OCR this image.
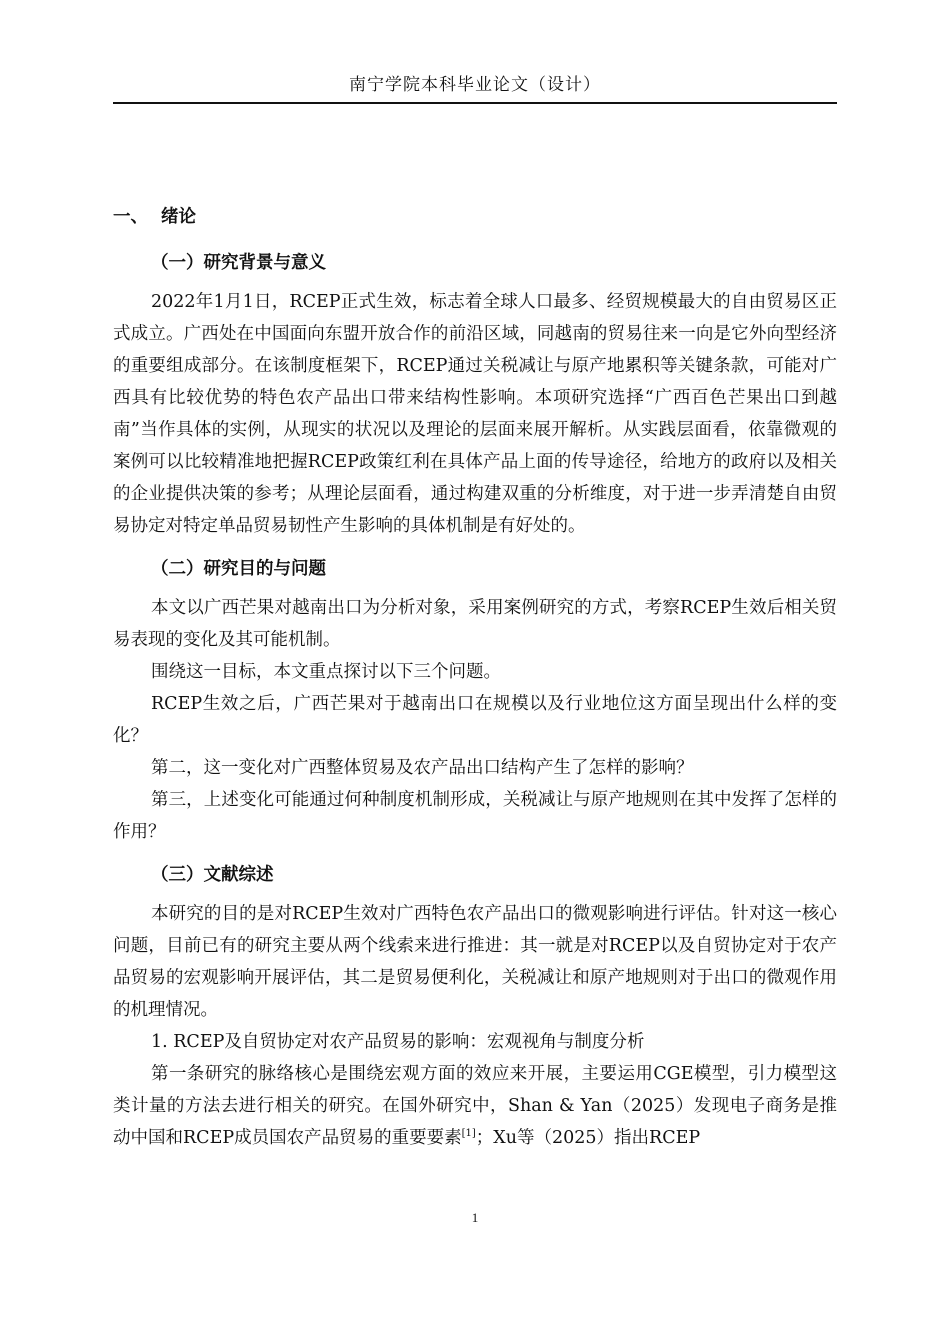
南宁学院本科毕业论文（设计）
一、 绪论
（一）研究背景与意义

2022年1月1日，RCEP正式生效，标志着全球人口最多、经贸规模最大的自由贸易区正式成立。广西处在中国面向东盟开放合作的前沿区域，同越南的贸易往来一向是它外向型经济的重要组成部分。在该制度框架下，RCEP通过关税减让与原产地累积等关键条款，可能对广西具有比较优势的特色农产品出口带来结构性影响。本项研究选择“广西百色芒果出口到越南”当作具体的实例，从现实的状况以及理论的层面来展开解析。从实践层面看，依靠微观的案例可以比较精准地把握RCEP政策红利在具体产品上面的传导途径，给地方的政府以及相关的企业提供决策的参考；从理论层面看，通过构建双重的分析维度，对于进一步弄清楚自由贸易协定对特定单品贸易韧性产生影响的具体机制是有好处的。

（二）研究目的与问题

本文以广西芒果对越南出口为分析对象，采用案例研究的方式，考察RCEP生效后相关贸易表现的变化及其可能机制。

围绕这一目标，本文重点探讨以下三个问题。

RCEP生效之后，广西芒果对于越南出口在规模以及行业地位这方面呈现出什么样的变化？

第二，这一变化对广西整体贸易及农产品出口结构产生了怎样的影响？

第三，上述变化可能通过何种制度机制形成，关税减让与原产地规则在其中发挥了怎样的作用？

（三）文献综述

本研究的目的是对RCEP生效对广西特色农产品出口的微观影响进行评估。针对这一核心问题，目前已有的研究主要从两个线索来进行推进：其一就是对RCEP以及自贸协定对于农产品贸易的宏观影响开展评估，其二是贸易便利化，关税减让和原产地规则对于出口的微观作用的机理情况。

1. RCEP及自贸协定对农产品贸易的影响：宏观视角与制度分析

第一条研究的脉络核心是围绕宏观方面的效应来开展，主要运用CGE模型，引力模型这类计量的方法去进行相关的研究。在国外研究中，Shan & Yan（2025）发现电子商务是推动中国和RCEP成员国农产品贸易的重要要素[1]；Xu等（2025）指出RCEP

1
